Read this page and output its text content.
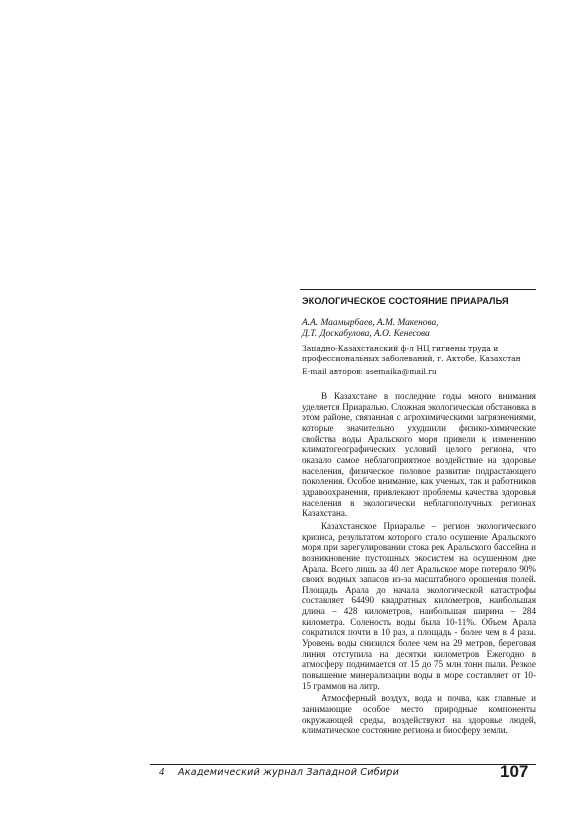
ЭКОЛОГИЧЕСКОЕ СОСТОЯНИЕ ПРИАРАЛЬЯ
А.А. Маамырбаев, А.М. Макенова,
Д.Т. Доскабулова, А.О. Кенесова
Западно-Казахстанский ф-л НЦ гигиены труда и
профессиональных заболеваний, г. Актобе, Казахстан
E-mail авторов: asemaika@mail.ru

В Казахстане в последние годы много внимания уделяется Приаралью. Сложная экологическая обстановка в этом районе, связанная с агрохимическими загрязнениями, которые значительно ухудшили физико-химические свойства воды Аральского моря привели к изменению климатогеографических условий целого региона, что оказало самое неблагоприятное воздействие на здоровье населения, физическое половое развитие подрастающего поколения. Особое внимание, как ученых, так и работников здравоохранения, привлекают проблемы качества здоровья населения в экологически неблагополучных регионах Казахстана.

Казахстанское Приаралье – регион экологического кризиса, результатом которого стало осушение Аральского моря при зарегулировании стока рек Аральского бассейна и возникновение пустошных экосистем на осушенном дне Арала. Всего лишь за 40 лет Аральское море потеряло 90% своих водных запасов из-за масштабного орошения полей. Площадь Арала до начала экологической катастрофы составляет 64490 квадратных километров, наибольшая длина – 428 километров, наибольшая ширина – 284 километра. Соленость воды была 10-11%. Объем Арала сократился почти в 10 раз, а площадь - более чем в 4 раза. Уровень воды снизился более чем на 29 метров, береговая линия отступила на десятки километров Ежегодно в атмосферу поднимается от 15 до 75 млн тонн пыли. Резкое повышение минерализации воды в море составляет от 10-15 граммов на литр.

Атмосферный воздух, вода и почва, как главные и занимающие особое место природные компоненты окружающей среды, воздействуют на здоровье людей, климатическое состояние региона и биосферу земли.

4 Академический журнал Западной Сибири	107
